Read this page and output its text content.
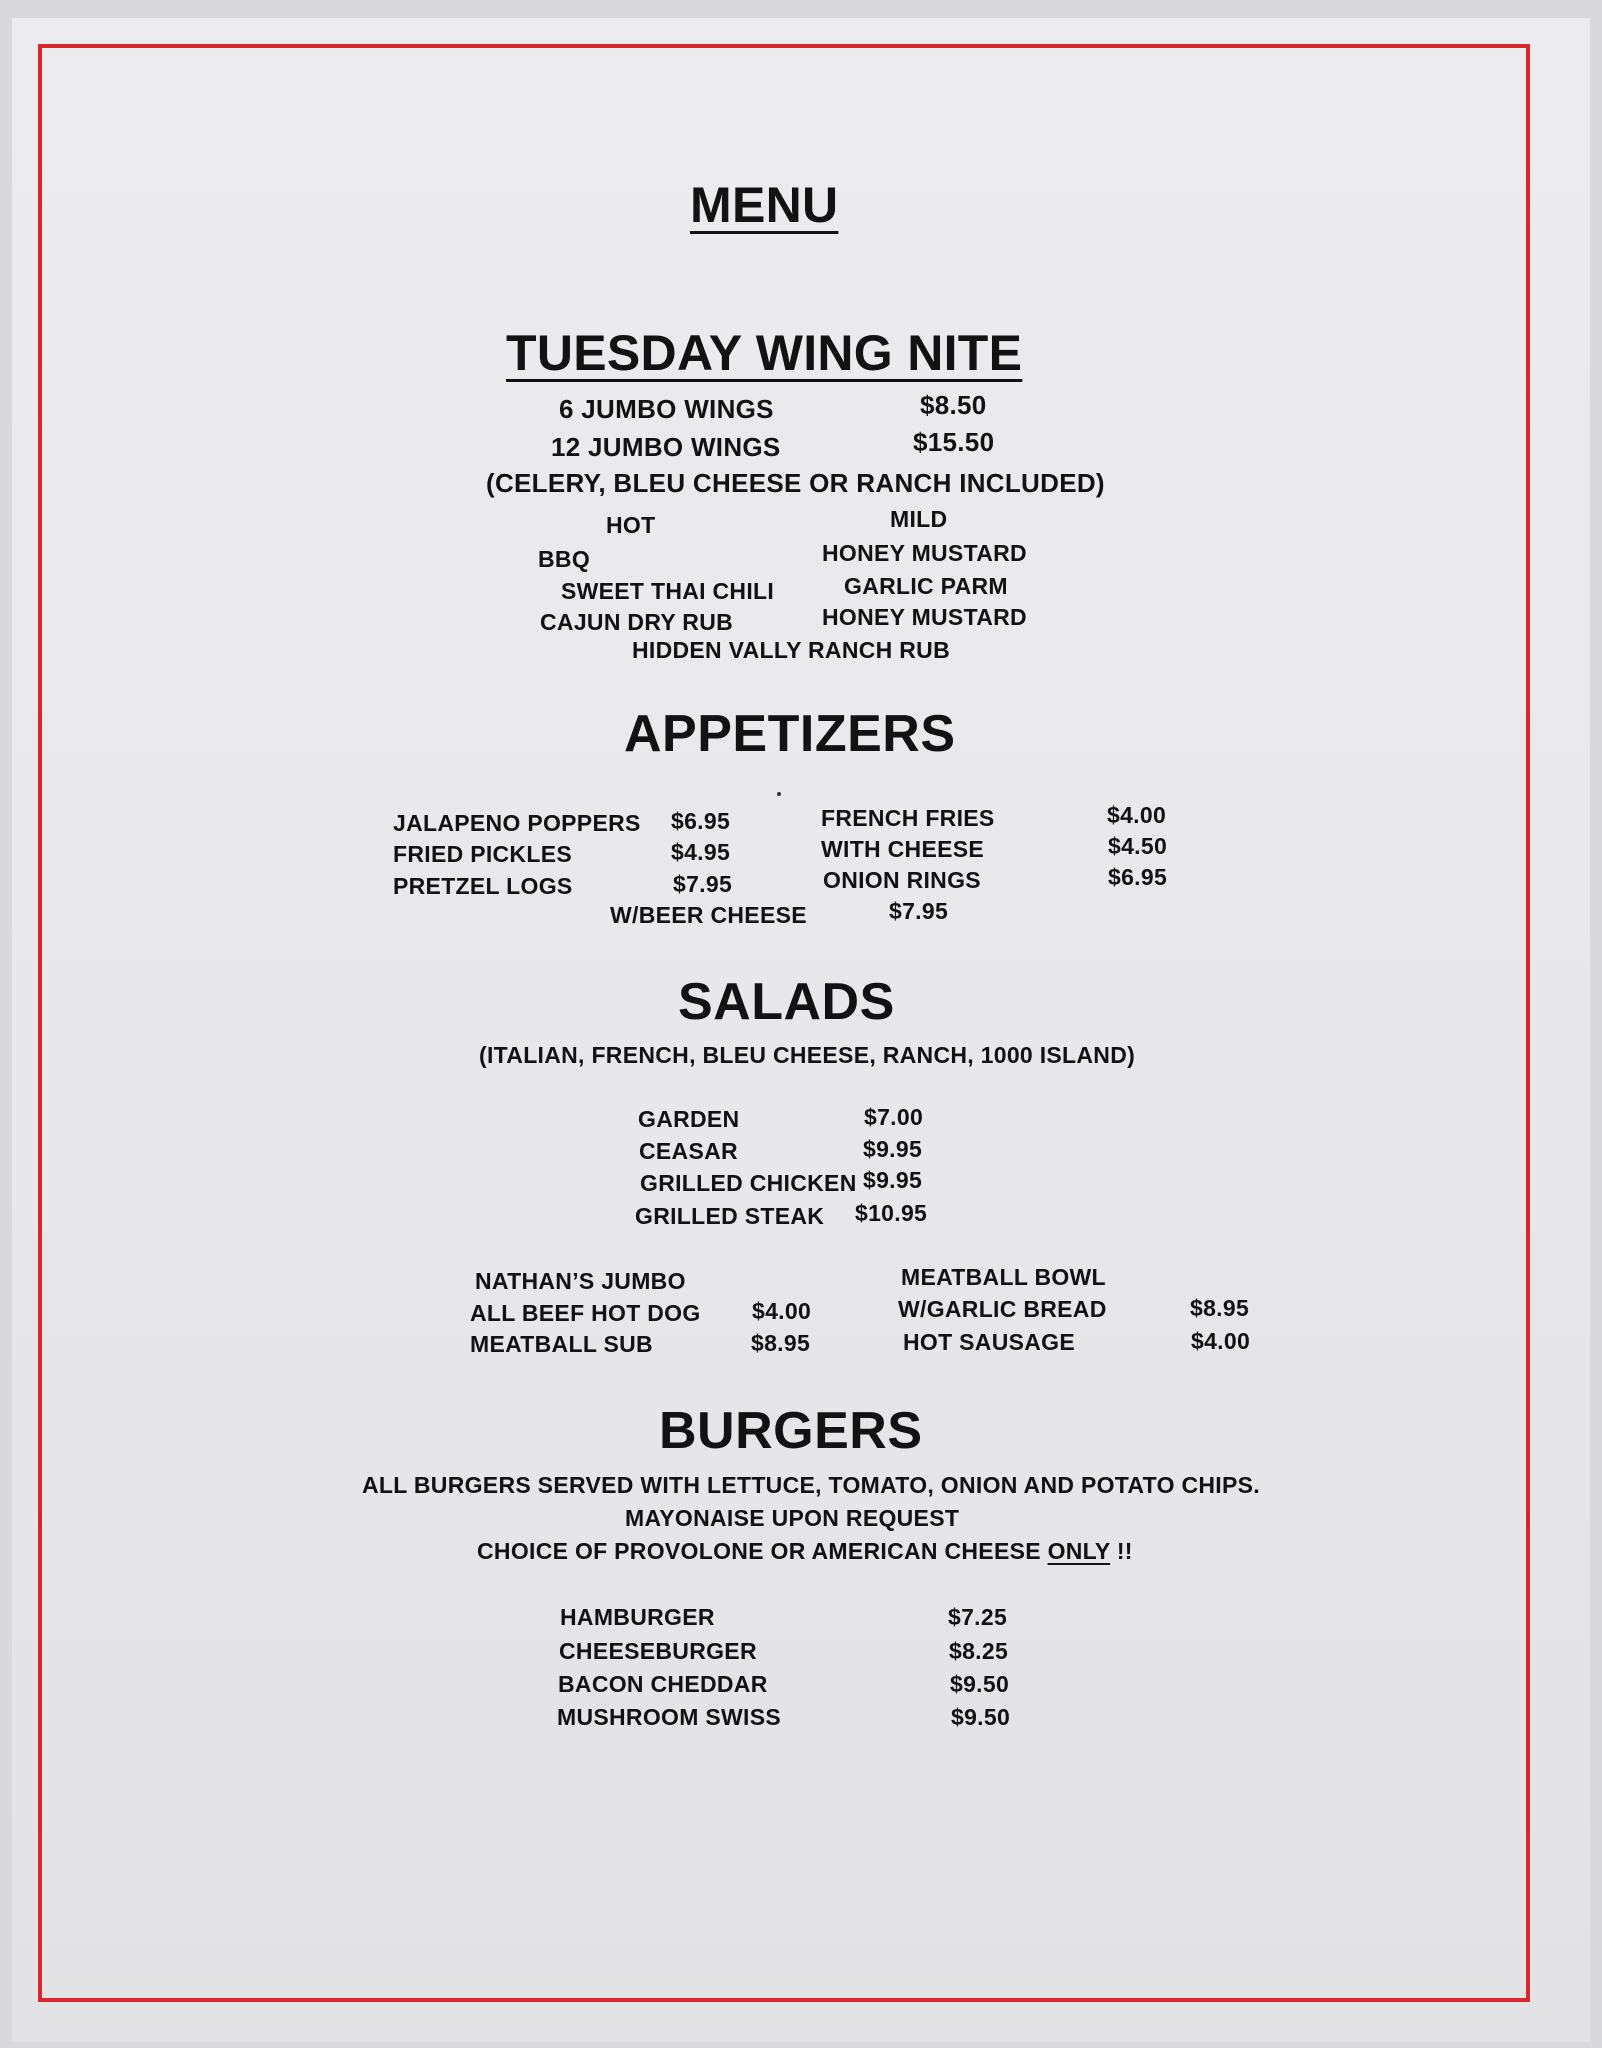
MENU
TUESDAY WING NITE
6 JUMBO WINGS	$8.50
12 JUMBO WINGS	$15.50
(CELERY, BLEU CHEESE OR RANCH INCLUDED)
HOT	MILD
BBQ	HONEY MUSTARD
SWEET THAI CHILI	GARLIC PARM
CAJUN DRY RUB	HONEY MUSTARD
HIDDEN VALLY RANCH RUB
APPETIZERS
JALAPENO POPPERS $6.95
FRIED PICKLES	$4.95
PRETZEL LOGS	$7.95
FRENCH FRIES	$4.00
WITH CHEESE	$4.50
ONION RINGS	$6.95
W/BEER CHEESE	$7.95
SALADS
(ITALIAN, FRENCH, BLEU CHEESE, RANCH, 1000 ISLAND)
GARDEN	$7.00
CEASAR	$9.95
GRILLED CHICKEN $9.95
GRILLED STEAK $10.95
NATHAN’S JUMBO
ALL BEEF HOT DOG $4.00
MEATBALL SUB	$8.95
MEATBALL BOWL
W/GARLIC BREAD	$8.95
HOT SAUSAGE	$4.00
BURGERS
ALL BURGERS SERVED WITH LETTUCE, TOMATO, ONION AND POTATO CHIPS.
MAYONAISE UPON REQUEST
CHOICE OF PROVOLONE OR AMERICAN CHEESE ONLY !!
HAMBURGER	$7.25
CHEESEBURGER	$8.25
BACON CHEDDAR	$9.50
MUSHROOM SWISS	$9.50
